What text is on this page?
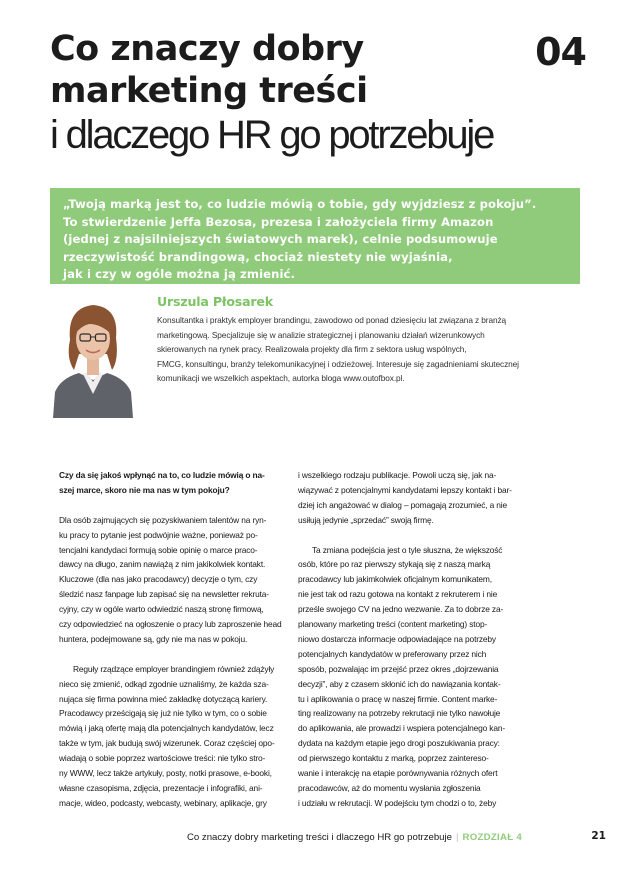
Co znaczy dobry
marketing treści
i dlaczego HR go potrzebuje
04
„Twoją marką jest to, co ludzie mówią o tobie, gdy wyjdziesz z pokoju”.
To stwierdzenie Jeffa Bezosa, prezesa i założyciela firmy Amazon
(jednej z najsilniejszych światowych marek), celnie podsumowuje
rzeczywistość brandingową, chociaż niestety nie wyjaśnia,
jak i czy w ogóle można ją zmienić.
Urszula Płosarek
Konsultantka i praktyk employer brandingu, zawodowo od ponad dziesięciu lat związana z branżą
marketingową. Specjalizuje się w analizie strategicznej i planowaniu działań wizerunkowych
skierowanych na rynek pracy. Realizowała projekty dla firm z sektora usług wspólnych,
FMCG, konsultingu, branży telekomunikacyjnej i odzieżowej. Interesuje się zagadnieniami skutecznej
komunikacji we wszelkich aspektach, autorka bloga www.outofbox.pl.
Czy da się jakoś wpłynąć na to, co ludzie mówią o na-
szej marce, skoro nie ma nas w tym pokoju?
Dla osób zajmujących się pozyskiwaniem talentów na ryn-
ku pracy to pytanie jest podwójnie ważne, ponieważ po-
tencjalni kandydaci formują sobie opinię o marce praco-
dawcy na długo, zanim nawiążą z nim jakikolwiek kontakt.
Kluczowe (dla nas jako pracodawcy) decyzje o tym, czy
śledzić nasz fanpage lub zapisać się na newsletter rekruta-
cyjny, czy w ogóle warto odwiedzić naszą stronę firmową,
czy odpowiedzieć na ogłoszenie o pracy lub zaproszenie head
huntera, podejmowane są, gdy nie ma nas w pokoju.
Reguły rządzące employer brandingiem również zdążyły
nieco się zmienić, odkąd zgodnie uznaliśmy, że każda sza-
nująca się firma powinna mieć zakładkę dotyczącą kariery.
Pracodawcy prześcigają się już nie tylko w tym, co o sobie
mówią i jaką ofertę mają dla potencjalnych kandydatów, lecz
także w tym, jak budują swój wizerunek. Coraz częściej opo-
wiadają o sobie poprzez wartościowe treści: nie tylko stro-
ny WWW, lecz także artykuły, posty, notki prasowe, e-booki,
własne czasopisma, zdjęcia, prezentacje i infografiki, ani-
macje, wideo, podcasty, webcasty, webinary, aplikacje, gry
i wszelkiego rodzaju publikacje. Powoli uczą się, jak na-
wiązywać z potencjalnymi kandydatami lepszy kontakt i bar-
dziej ich angażować w dialog – pomagają zrozumieć, a nie
usiłują jedynie „sprzedać” swoją firmę.
Ta zmiana podejścia jest o tyle słuszna, że większość
osób, które po raz pierwszy stykają się z naszą marką
pracodawcy lub jakimkolwiek oficjalnym komunikatem,
nie jest tak od razu gotowa na kontakt z rekruterem i nie
prześle swojego CV na jedno wezwanie. Za to dobrze za-
planowany marketing treści (content marketing) stop-
niowo dostarcza informacje odpowiadające na potrzeby
potencjalnych kandydatów w preferowany przez nich
sposób, pozwalając im przejść przez okres „dojrzewania
decyzji”, aby z czasem skłonić ich do nawiązania kontak-
tu i aplikowania o pracę w naszej firmie. Content marke-
ting realizowany na potrzeby rekrutacji nie tylko nawołuje
do aplikowania, ale prowadzi i wspiera potencjalnego kan-
dydata na każdym etapie jego drogi poszukiwania pracy:
od pierwszego kontaktu z marką, poprzez zaintereso-
wanie i interakcję na etapie porównywania różnych ofert
pracodawców, aż do momentu wysłania zgłoszenia
i udziału w rekrutacji. W podejściu tym chodzi o to, żeby
Co znaczy dobry marketing treści i dlaczego HR go potrzebuje | ROZDZIAŁ 4	21
